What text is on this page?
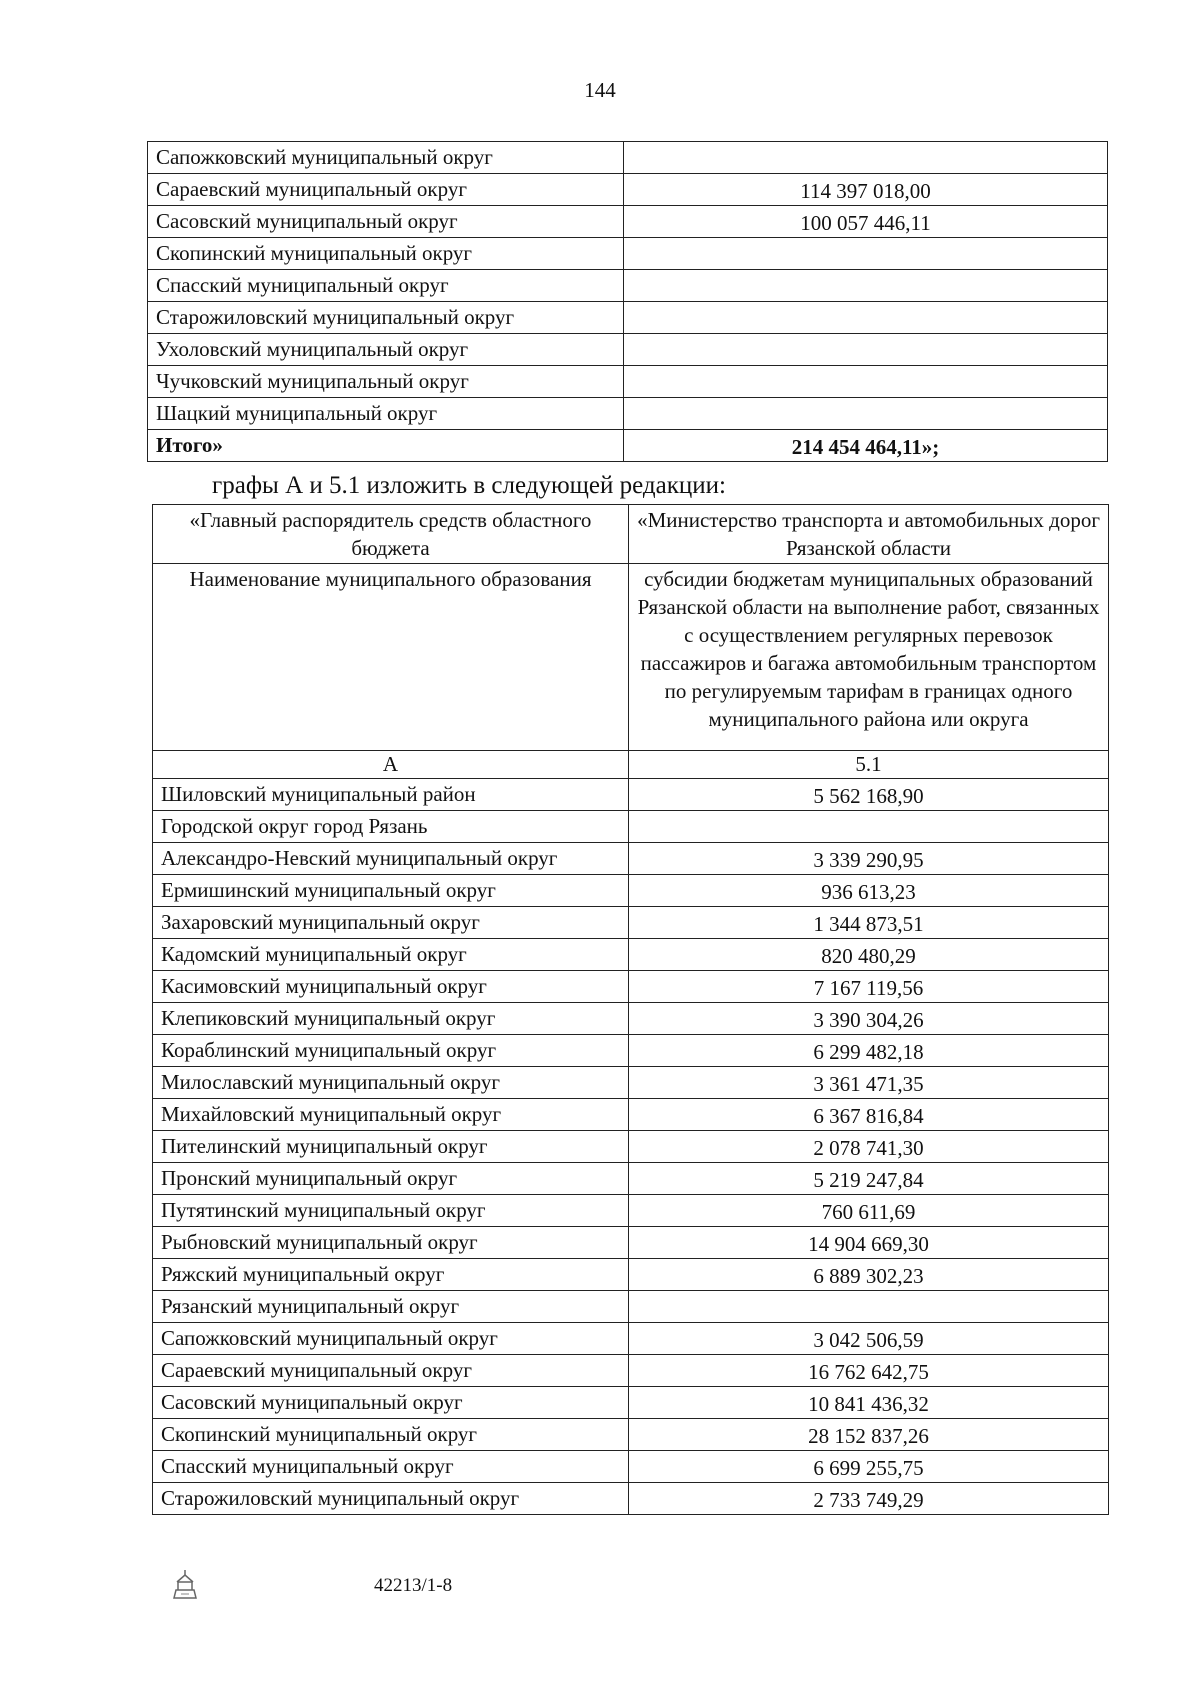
144
Сапожковский муниципальный округ	
Сараевский муниципальный округ	114 397 018,00
Сасовский муниципальный округ	100 057 446,11
Скопинский муниципальный округ	
Спасский муниципальный округ	
Старожиловский муниципальный округ	
Ухоловский муниципальный округ	
Чучковский муниципальный округ	
Шацкий муниципальный округ	
Итого»	214 454 464,11»;
графы А и 5.1 изложить в следующей редакции:
«Главный распорядитель средств областного бюджета	«Министерство транспорта и автомобильных дорог Рязанской области
Наименование муниципального образования	субсидии бюджетам муниципальных образований Рязанской области на выполнение работ, связанных с осуществлением регулярных перевозок пассажиров и багажа автомобильным транспортом по регулируемым тарифам в границах одного муниципального района или округа
А	5.1
Шиловский муниципальный район	5 562 168,90
Городской округ город Рязань	
Александро-Невский муниципальный округ	3 339 290,95
Ермишинский муниципальный округ	936 613,23
Захаровский муниципальный округ	1 344 873,51
Кадомский муниципальный округ	820 480,29
Касимовский муниципальный округ	7 167 119,56
Клепиковский муниципальный округ	3 390 304,26
Кораблинский муниципальный округ	6 299 482,18
Милославский муниципальный округ	3 361 471,35
Михайловский муниципальный округ	6 367 816,84
Пителинский муниципальный округ	2 078 741,30
Пронский муниципальный округ	5 219 247,84
Путятинский муниципальный округ	760 611,69
Рыбновский муниципальный округ	14 904 669,30
Ряжский муниципальный округ	6 889 302,23
Рязанский муниципальный округ	
Сапожковский муниципальный округ	3 042 506,59
Сараевский муниципальный округ	16 762 642,75
Сасовский муниципальный округ	10 841 436,32
Скопинский муниципальный округ	28 152 837,26
Спасский муниципальный округ	6 699 255,75
Старожиловский муниципальный округ	2 733 749,29
42213/1-8
